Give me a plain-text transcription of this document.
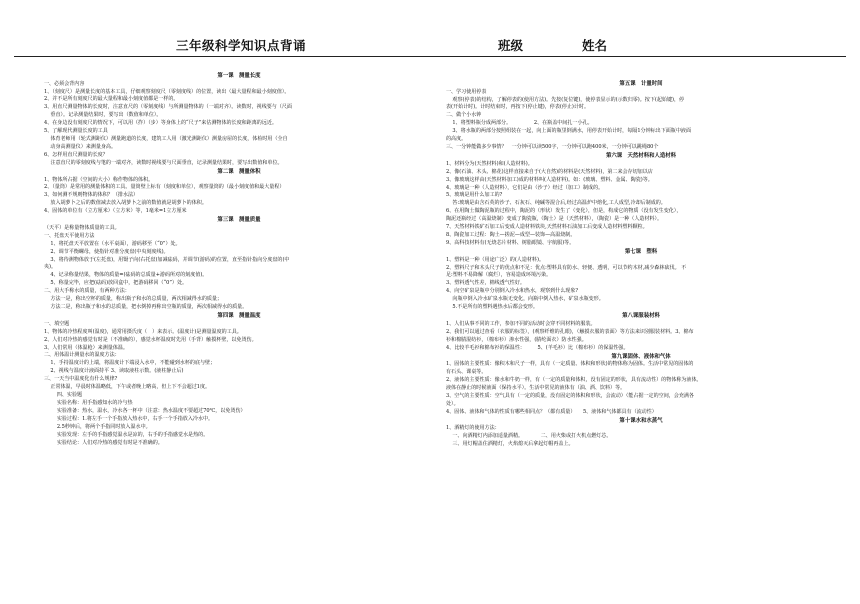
三年级科学知识点背诵	班级	姓名
第一课　测量长度
一、必须会背内容
1、（刻度尺）是测量长度的基本工具，仔细观察刻度尺（零刻度线）的位置，读出（最大量程和最小刻度值）。
2、并不是所有刻度尺的最大量程和最小刻度值都是一样的。
3、用直尺测量物体的长度时，注意直尺的（零刻度线）与所测量物体的（一端对齐）。读数时，视线要与（尺面
垂直）。记录测量结果时，要写出（数值和单位）。
4、在身边没有刻度尺的情况下，可以用（拃）（步）等身体上的“尺子”来估测物体的长度和距离的远近。
5、了解现代测量长度的工具
体育老师用（轮式测距仪）测量跑道的长度，建筑工人用（激光测距仪）测量房屋的长度，体检时用（全自
动身高测量仪）来测量身高。
6、怎样用直尺测量的长度？
注意直尺的零刻度线与笔的一端对齐，读数时视线要与尺面垂直，记录测量结果时，要写出数值和单位。
第二课　测量体积
1、物体所占据（空间的大小）称作物体的体积。
2、（量筒）是常用的测量体积的工具。量筒壁上标有（刻度和单位），观察量筒的（最小刻度值和最大量程）
3、如何测不规则物体的体积？（排水法）
放入胡萝卜之后的数值减去放入胡萝卜之前的数值就是胡萝卜的体积。
4、固体的单位有（立方厘米）（立方米）等，1毫米=1立方厘米
第三课　测量质量
（天平）是称量物体质量的工具。
一、托盘天平使用方法
1、将托盘天平放置在（水平桌面），游码移至（“0”）处。
2、调节平衡螺母，使指针对准分度盘(中央刻度线)。
3、将待测物体放于(左托盘)，用镊子向(右托盘)加减砝码，并调节(游码)的位置，直至指针指向分度盘的(中
央)。
4、记录称量结果，物体的质量=(砝码的总质量+游码所对的刻度值)。
5、称量完毕，应把(砝码)放回盒中，把游码移回（“0”）处。
二、用大手称水的质量，有两种方法：
方法一是，称出空杯的质量，称出瓶子和水的总质量，两次相减得水的质量；
方法二是，称出瓶子和水的总质量，把水倒掉再称出空瓶的质量，两次相减得水的质量。
第四课　测量温度
一、填空题
1、物体的冷热程度叫(温度)，通常用摄氏度（　）来表示。(温度计)是测量温度的工具。
2、人们对冷热的感觉有时是（不准确的），感觉水杯温度时先用（手背）触摸杯壁，以免烫伤。
3、人们常用（体温枪）来测量体温。
二、用体温计测量水的温度方法：
1、手持温度计的上端，将温度计下端浸入水中，不能碰到水杯的底与壁；
2、视线与温度计液面持平 3、读取液柱示数。(液柱静止后)
三、一天当中温度化有什么规律?
正常体温，早晨时体温略低，下午或者晚上略高，但上下不会超过1度。
四、实验题
实验名称：用手指感知水的冷与热
实验准备：热水，温水，冷水各一杯中（注意：热水温度不要超过70℃，以免烫伤）
实验过程：1.将左手一个手指放入热水中，右手一个手指放入冷水中。
2.5秒钟后，将两个手指同时放入温水中。
实验发现：左手的手指感觉温水是凉的，右手的手指感觉水是热的。
实验结论：人们对冷热的感觉有时是不准确的。
第五课　计量时间
一、学习使用停表
观察(停表)的结构，了解停表的(使用方法)。先按(复位键)，使停表显示的(示数归零)。按下(起始键)，停
表(开始计时)。计时结束时，再按下(停止键)，停表(停止)计时。
二、做个小水钟
1、将塑料瓶分成两部分。　　　　　2、在瓶盖中间扎一小孔。
3、将水瓶的两部分按照组装在一起，向上面的瓶里倒满水，用停表开始计时，每隔1分钟标出下面瓶中液面
的高度。
三、一分钟能做多少事情？　一分钟可以读500字，一分钟可以跑400米，一分钟可以跳绳80个
第六课　天然材料和人造材料
1、材料分为(天然材料)和(人造材料)。
2、像(石油、木头、棉花)这样直接来自于(大自然)的材料是(天然材料)，第二来会存切加以店
3、像玻璃这样由(天然材料加工)成的材料叫(人造材料)。如：(玻璃、塑料、金属、陶瓷)等。
4、玻璃是一种（人造材料），它们是由（沙子）经过（加工）制成的。
5、玻璃是用什么加工的?
答:玻璃是由含石英的沙子、石灰石、纯碱等混合后,经过高温炉中熔化,工人成型,冷却后制成的。
6、在用陶土做陶泥瓶的过程中，陶泥的（形状）发生了（变化），但是，构成它的物质（没有发生变化），
陶泥还瓶经过（高温烧制）变成了陶瓷瓶,（陶土）是（天然材料），（陶瓷）是一种（人造材料）。
7、天然材料铁矿石加工后变成人造材料铁块,天然材料石油加工后变成人造材料塑料颗粒。
8、陶瓷加工过程：陶土—搓泥—成型—装饰—高温烧制。
9、高科技材料有(无烧芯片材料、树脂眼镜、宇航服)等。
第七课　塑料
1、塑料是一种（用途广泛）的(人造材料)。
2、塑料尺子和木头尺子的优点和不足：优点:塑料具有防水、轻便、透明，可以节约木材,减少森林砍伐。 不
足:塑料不易降解（腐烂），容易造成环境污染。
3、塑料透气性差，棉线透气性好。
4、向空矿泉是瓶中分别倒入冷水和热水，观察到什么现象?
向瓶中倒入冷水矿泉水瓶无变化，向瓶中倒入热水，矿泉水瓶变形。
5.不是所有的塑料遇热水后都会变形。
第八课服装材料
1、人们从事不同的工作，参加不同的活动时会穿不同材料的服装。
2、我们可以通过查看（衣服的标签），(观察纤维的孔眼)，（触摸衣服的表面）等方法来识别服装材料。3、棉布
衫和棉腈混纺衫，（棉布衫）渗水性强，(腈纶面衣）防水性强。
4、比较羊毛衫和棉布衫的保温性：　　　5、(羊毛衫）比（棉布衫）的保温性强。
第九课固体、液体和气体
1、固体的主要性质：像积木和尺子一样，具有（一定质量、体积和形状)的物体称为固体。生活中常见的固体的
有石头、课桌等。
2、液体的主要性质：像水和牛奶一样，有（一定的质量和体积，没有固定的形状，具有流动性）的物体称为液体,
液体在静止的时候液面（保持水平）。生活中常见的液体有（油、酒、饮料）等。
3、空气的主要性质：空气具有（一定的质量，没有固定的体积和形状，会流动）（能占据一定的空间，会充满各
处）。
4、固体、液体和气体的性质有哪些相同点？（都有质量）　　5、液体和气体都具有（流动性）
第十课水和水蒸气
1、酒精灯的使用方法：
一、向酒精灯内添加适量酒精。　　　　二、用火柴或打火机点燃灯芯。
三、用灯帽盖住酒精灯，火焰熄灭后拿起灯帽再盖上。
